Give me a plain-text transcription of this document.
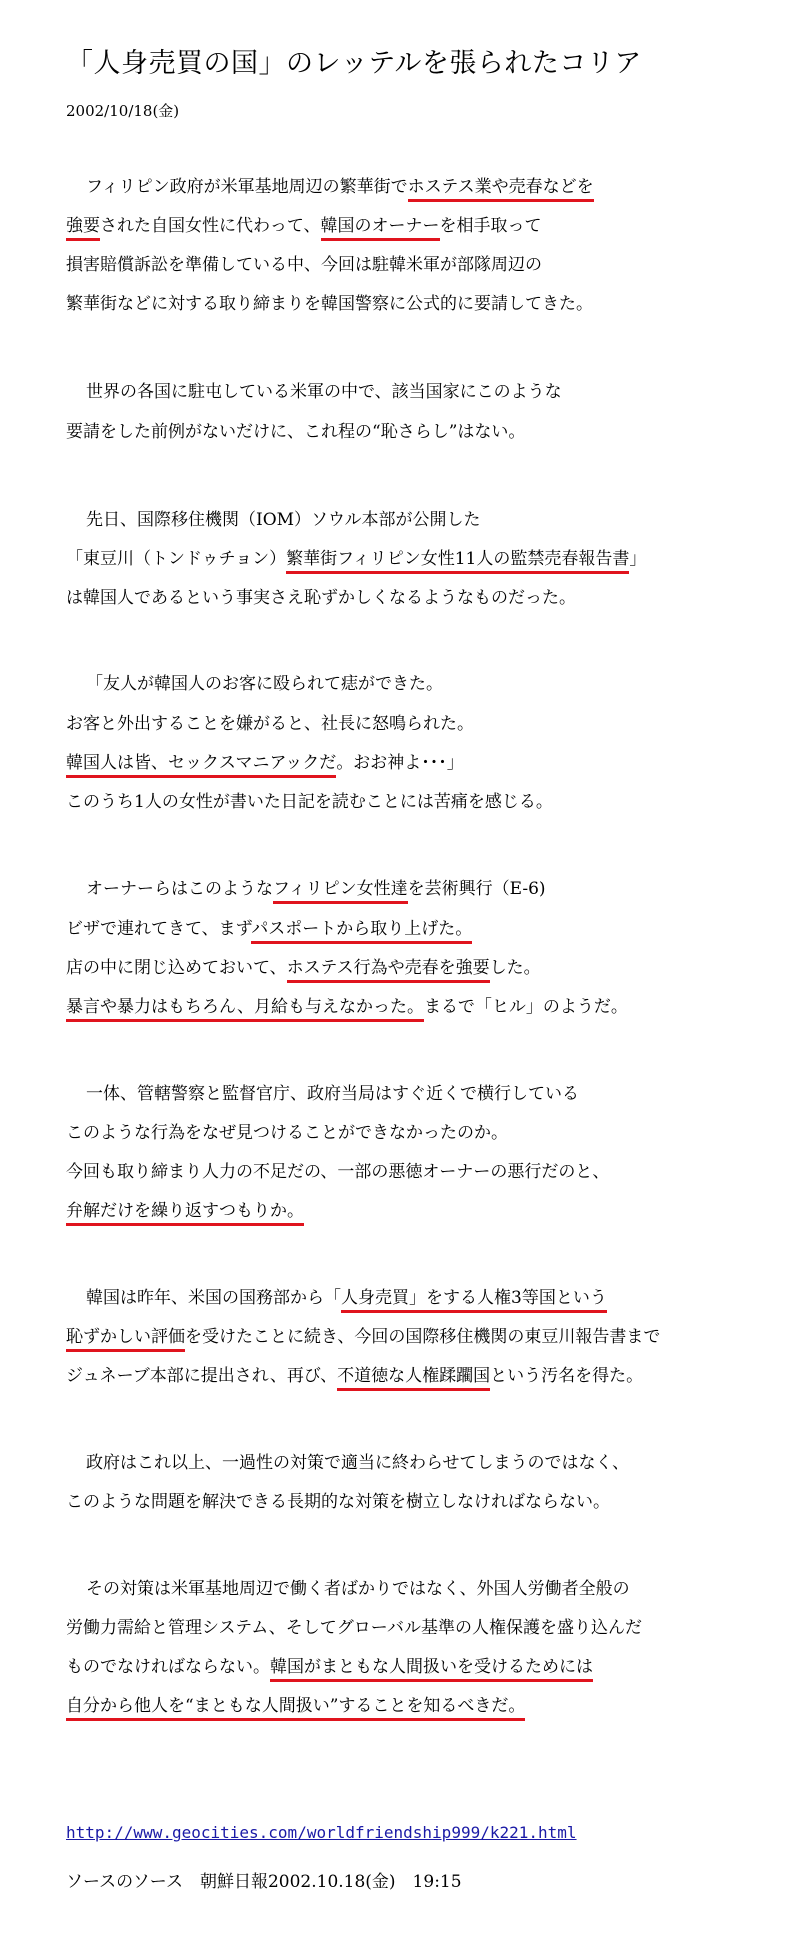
「人身売買の国」のレッテルを張られたコリア
2002/10/18(金)
フィリピン政府が米軍基地周辺の繁華街でホステス業や売春などを
強要された自国女性に代わって、韓国のオーナーを相手取って
損害賠償訴訟を準備している中、今回は駐韓米軍が部隊周辺の
繁華街などに対する取り締まりを韓国警察に公式的に要請してきた。
世界の各国に駐屯している米軍の中で、該当国家にこのような
要請をした前例がないだけに、これ程の“恥さらし”はない。
先日、国際移住機関（IOM）ソウル本部が公開した
「東豆川（トンドゥチョン）繁華街フィリピン女性11人の監禁売春報告書」
は韓国人であるという事実さえ恥ずかしくなるようなものだった。
「友人が韓国人のお客に殴られて痣ができた。
お客と外出することを嫌がると、社長に怒鳴られた。
韓国人は皆、セックスマニアックだ。おお神よ･･･」
このうち1人の女性が書いた日記を読むことには苦痛を感じる。
オーナーらはこのようなフィリピン女性達を芸術興行（E-6)
ビザで連れてきて、まずパスポートから取り上げた。
店の中に閉じ込めておいて、ホステス行為や売春を強要した。
暴言や暴力はもちろん、月給も与えなかった。まるで「ヒル」のようだ。
一体、管轄警察と監督官庁、政府当局はすぐ近くで横行している
このような行為をなぜ見つけることができなかったのか。
今回も取り締まり人力の不足だの、一部の悪徳オーナーの悪行だのと、
弁解だけを繰り返すつもりか。
韓国は昨年、米国の国務部から「人身売買」をする人権3等国という
恥ずかしい評価を受けたことに続き、今回の国際移住機関の東豆川報告書まで
ジュネーブ本部に提出され、再び、不道徳な人権蹂躙国という汚名を得た。
政府はこれ以上、一過性の対策で適当に終わらせてしまうのではなく、
このような問題を解決できる長期的な対策を樹立しなければならない。
その対策は米軍基地周辺で働く者ばかりではなく、外国人労働者全般の
労働力需給と管理システム、そしてグローバル基準の人権保護を盛り込んだ
ものでなければならない。韓国がまともな人間扱いを受けるためには
自分から他人を“まともな人間扱い”することを知るべきだ。
http://www.geocities.com/worldfriendship999/k221.html
ソースのソース　朝鮮日報2002.10.18(金)　19:15
